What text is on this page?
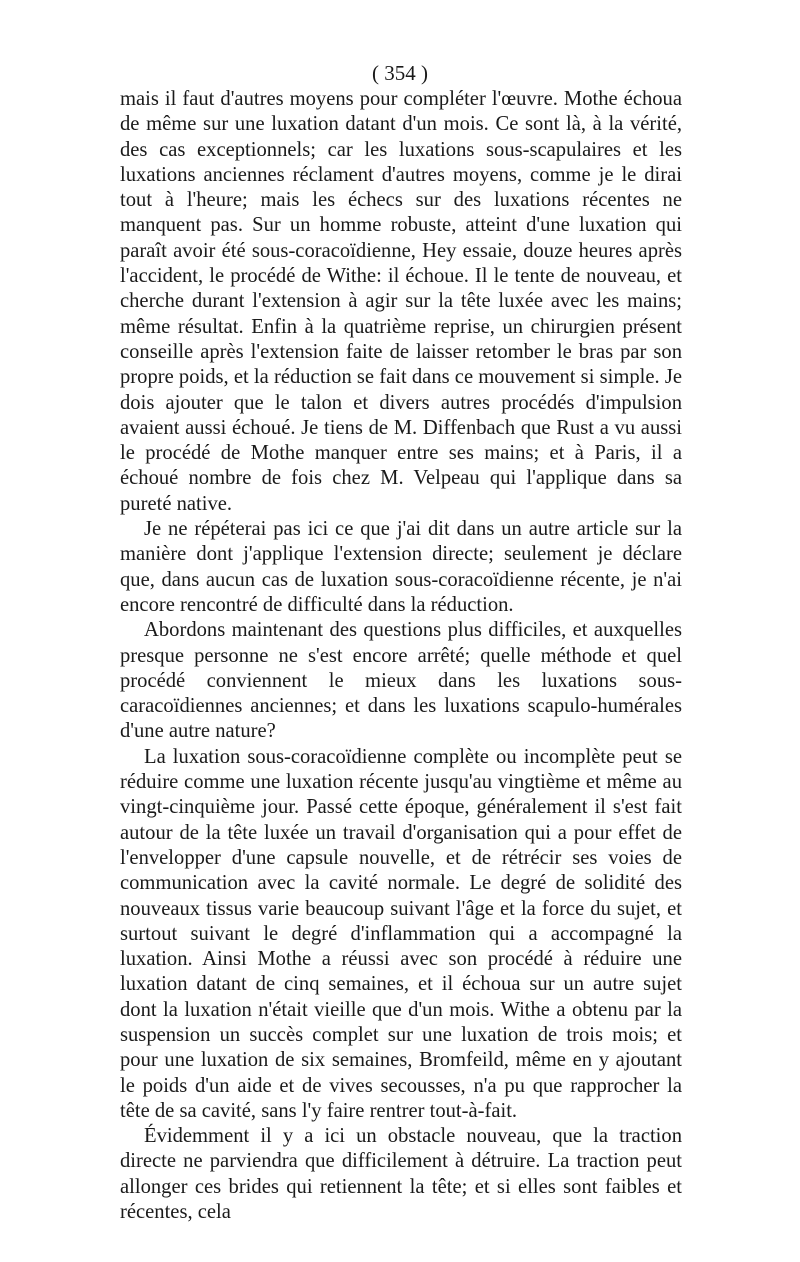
( 354 )

mais il faut d'autres moyens pour compléter l'œuvre. Mothe échoua de même sur une luxation datant d'un mois. Ce sont là, à la vérité, des cas exceptionnels; car les luxations sous-scapulaires et les luxations anciennes réclament d'autres moyens, comme je le dirai tout à l'heure; mais les échecs sur des luxations récentes ne manquent pas. Sur un homme robuste, atteint d'une luxation qui paraît avoir été sous-coracoïdienne, Hey essaie, douze heures après l'accident, le procédé de Withe: il échoue. Il le tente de nouveau, et cherche durant l'extension à agir sur la tête luxée avec les mains; même résultat. Enfin à la quatrième reprise, un chirurgien présent conseille après l'extension faite de laisser retomber le bras par son propre poids, et la réduction se fait dans ce mouvement si simple. Je dois ajouter que le talon et divers autres procédés d'impulsion avaient aussi échoué. Je tiens de M. Diffenbach que Rust a vu aussi le procédé de Mothe manquer entre ses mains; et à Paris, il a échoué nombre de fois chez M. Velpeau qui l'applique dans sa pureté native.

Je ne répéterai pas ici ce que j'ai dit dans un autre article sur la manière dont j'applique l'extension directe; seulement je déclare que, dans aucun cas de luxation sous-coracoïdienne récente, je n'ai encore rencontré de difficulté dans la réduction.

Abordons maintenant des questions plus difficiles, et auxquelles presque personne ne s'est encore arrêté; quelle méthode et quel procédé conviennent le mieux dans les luxations sous-caracoïdiennes anciennes; et dans les luxations scapulo-humérales d'une autre nature?

La luxation sous-coracoïdienne complète ou incomplète peut se réduire comme une luxation récente jusqu'au vingtième et même au vingt-cinquième jour. Passé cette époque, généralement il s'est fait autour de la tête luxée un travail d'organisation qui a pour effet de l'envelopper d'une capsule nouvelle, et de rétrécir ses voies de communication avec la cavité normale. Le degré de solidité des nouveaux tissus varie beaucoup suivant l'âge et la force du sujet, et surtout suivant le degré d'inflammation qui a accompagné la luxation. Ainsi Mothe a réussi avec son procédé à réduire une luxation datant de cinq semaines, et il échoua sur un autre sujet dont la luxation n'était vieille que d'un mois. Withe a obtenu par la suspension un succès complet sur une luxation de trois mois; et pour une luxation de six semaines, Bromfeild, même en y ajoutant le poids d'un aide et de vives secousses, n'a pu que rapprocher la tête de sa cavité, sans l'y faire rentrer tout-à-fait.

Évidemment il y a ici un obstacle nouveau, que la traction directe ne parviendra que difficilement à détruire. La traction peut allonger ces brides qui retiennent la tête; et si elles sont faibles et récentes, cela
